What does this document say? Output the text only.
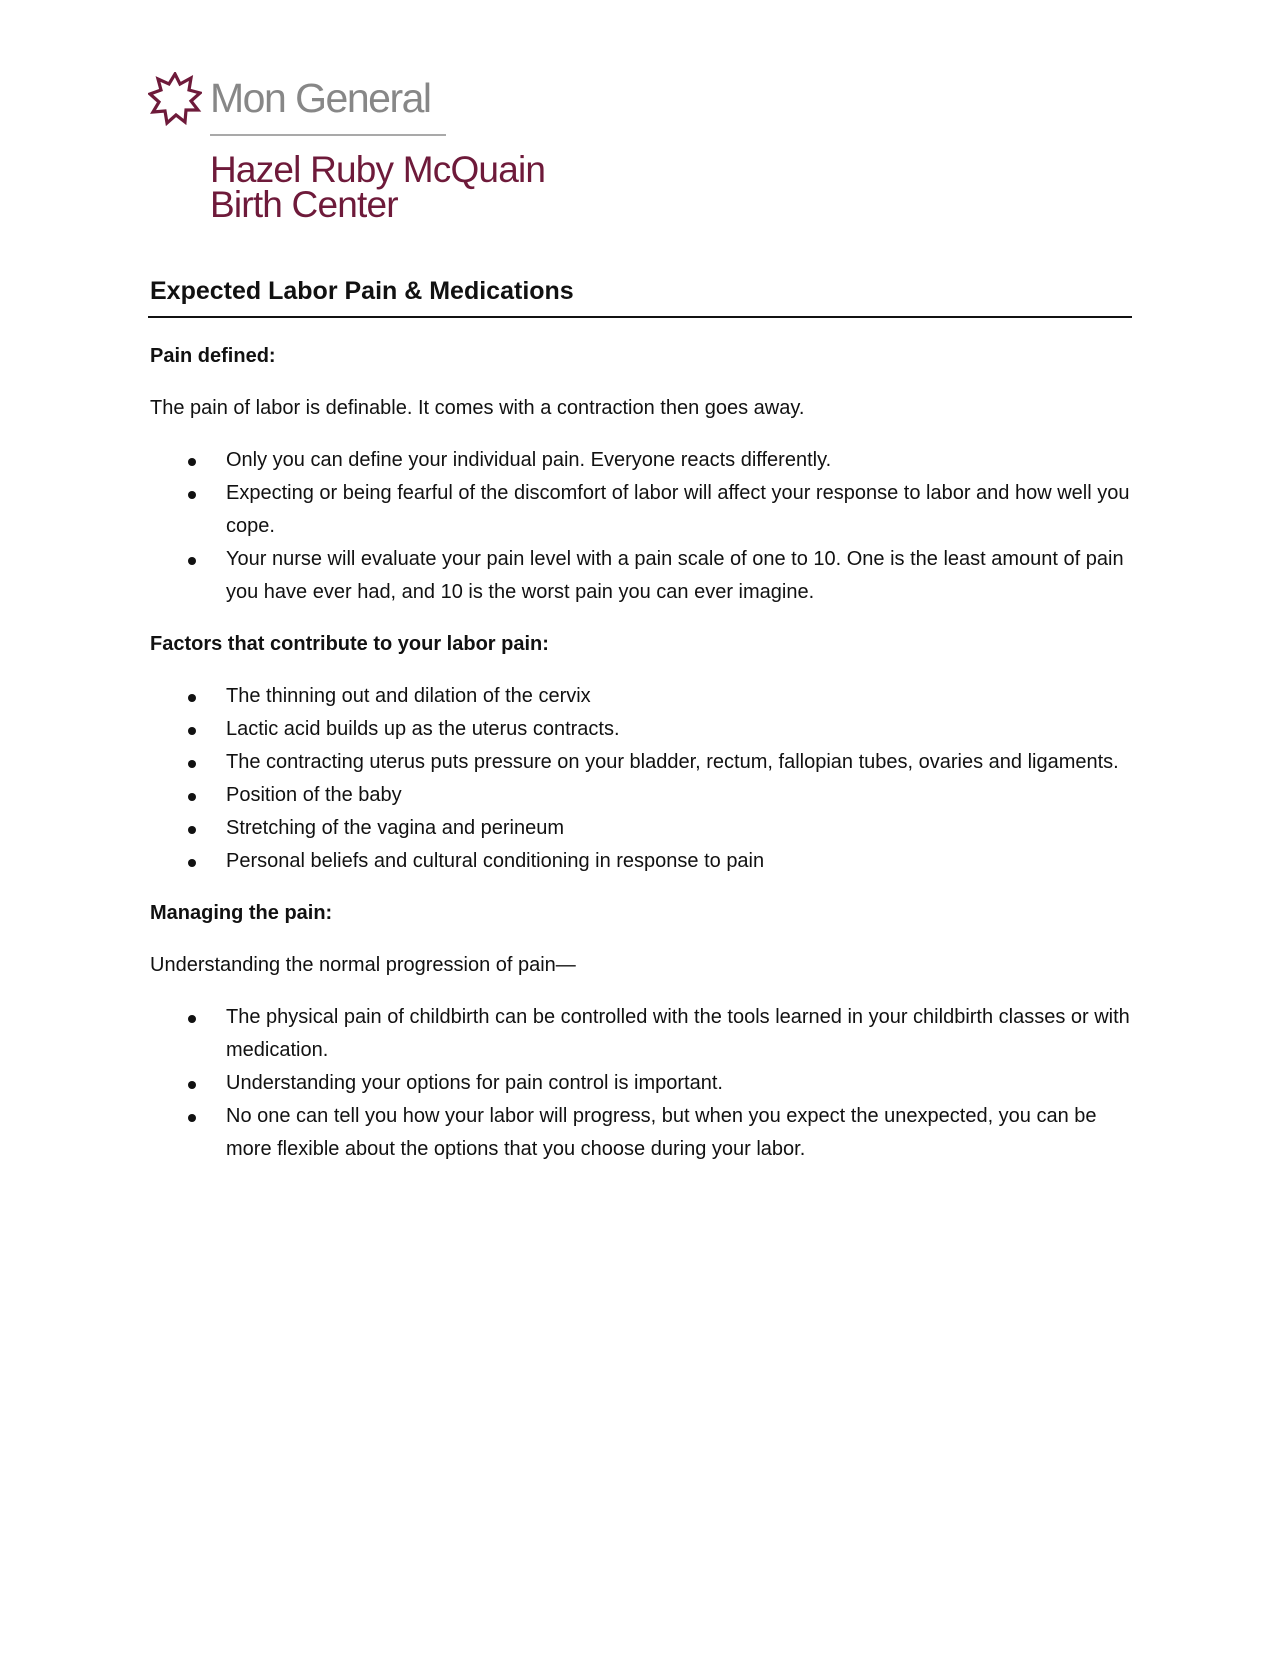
Mon General
Hazel Ruby McQuain
Birth Center
Expected Labor Pain & Medications

Pain defined:

The pain of labor is definable. It comes with a contraction then goes away.

Only you can define your individual pain. Everyone reacts differently.
Expecting or being fearful of the discomfort of labor will affect your response to labor and how well you cope.
Your nurse will evaluate your pain level with a pain scale of one to 10. One is the least amount of pain you have ever had, and 10 is the worst pain you can ever imagine.

Factors that contribute to your labor pain:

The thinning out and dilation of the cervix
Lactic acid builds up as the uterus contracts.
The contracting uterus puts pressure on your bladder, rectum, fallopian tubes, ovaries and ligaments.
Position of the baby
Stretching of the vagina and perineum
Personal beliefs and cultural conditioning in response to pain

Managing the pain:

Understanding the normal progression of pain—

The physical pain of childbirth can be controlled with the tools learned in your childbirth classes or with medication.
Understanding your options for pain control is important.
No one can tell you how your labor will progress, but when you expect the unexpected, you can be more flexible about the options that you choose during your labor.
